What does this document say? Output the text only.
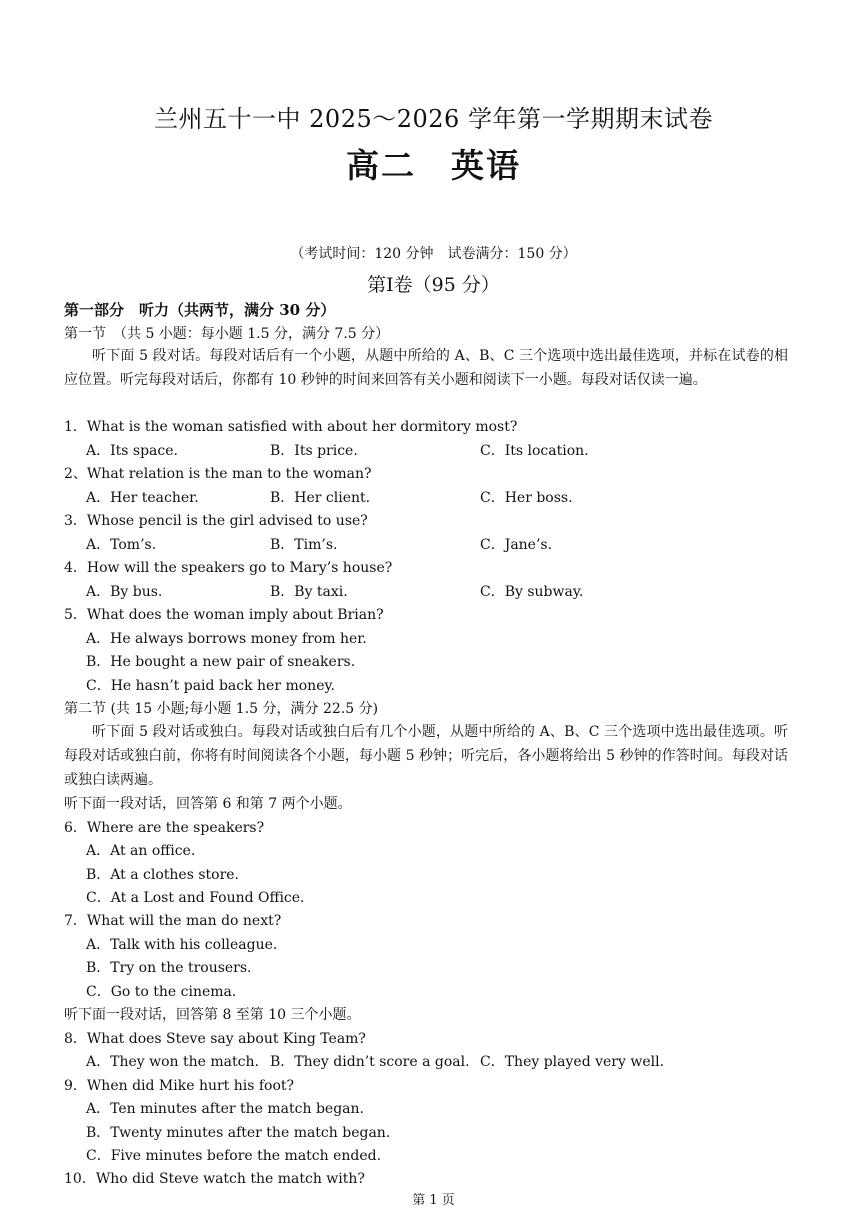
兰州五十一中 2025～2026 学年第一学期期末试卷
高二　英语
（考试时间：120 分钟　试卷满分：150 分）
第Ⅰ卷（95 分）
第一部分　听力（共两节，满分 30 分）
第一节　（共 5 小题：每小题 1.5 分，满分 7.5 分）
听下面 5 段对话。每段对话后有一个小题，从题中所给的 A、B、C 三个选项中选出最佳选项，并标在试卷的相应位置。听完每段对话后，你都有 10 秒钟的时间来回答有关小题和阅读下一小题。每段对话仅读一遍。
1．What is the woman satisfied with about her dormitory most?
A．Its space.	B．Its price.	C．Its location.
2、What relation is the man to the woman?
A．Her teacher.	B．Her client.	C．Her boss.
3．Whose pencil is the girl advised to use?
A．Tom’s.	B．Tim’s.	C．Jane’s.
4．How will the speakers go to Mary’s house?
A．By bus.	B．By taxi.	C．By subway.
5．What does the woman imply about Brian?
A．He always borrows money from her.
B．He bought a new pair of sneakers.
C．He hasn’t paid back her money.
第二节 (共 15 小题;每小题 1.5 分，满分 22.5 分)
听下面 5 段对话或独白。每段对话或独白后有几个小题，从题中所给的 A、B、C 三个选项中选出最佳选项。听每段对话或独白前，你将有时间阅读各个小题，每小题 5 秒钟；听完后，各小题将给出 5 秒钟的作答时间。每段对话或独白读两遍。
听下面一段对话，回答第 6 和第 7 两个小题。
6．Where are the speakers?
A．At an office.
B．At a clothes store.
C．At a Lost and Found Office.
7．What will the man do next?
A．Talk with his colleague.
B．Try on the trousers.
C．Go to the cinema.
听下面一段对话，回答第 8 至第 10 三个小题。
8．What does Steve say about King Team?
A．They won the match. B．They didn’t score a goal. C．They played very well.
9．When did Mike hurt his foot?
A．Ten minutes after the match began.
B．Twenty minutes after the match began.
C．Five minutes before the match ended.
10．Who did Steve watch the match with?
第 1 页
